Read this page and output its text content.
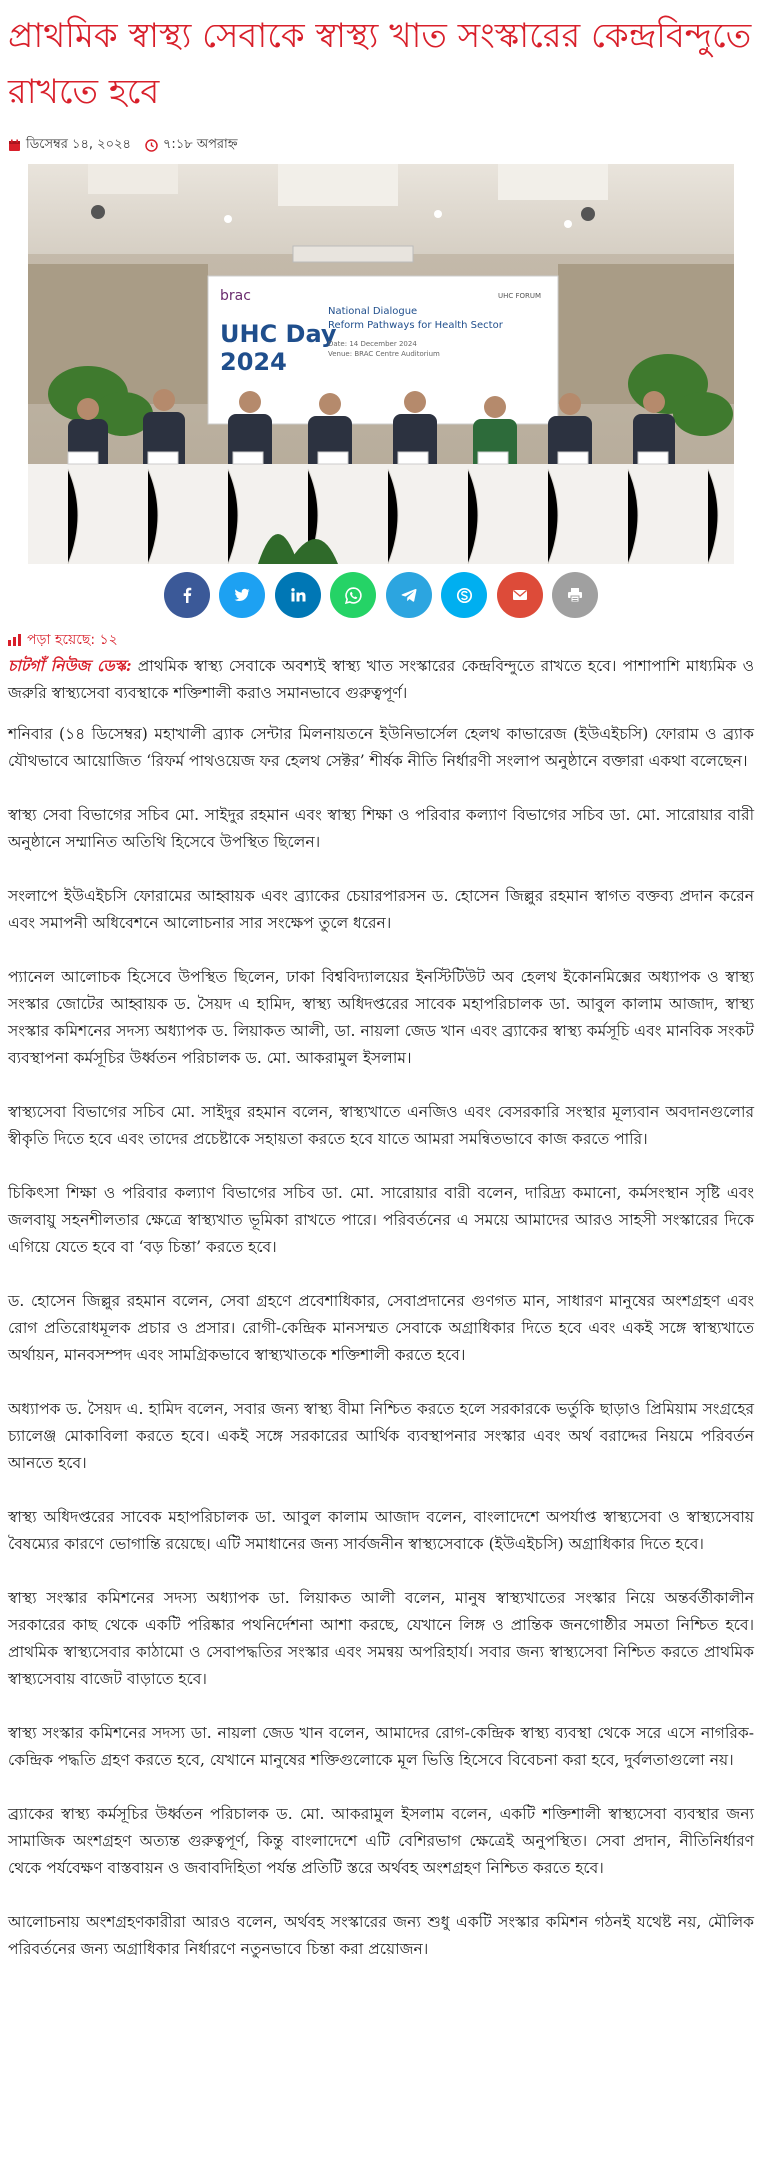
প্রাথমিক স্বাস্থ্য সেবাকে স্বাস্থ্য খাত সংস্কারের কেন্দ্রবিন্দুতে রাখতে হবে
ডিসেম্বর ১৪, ২০২৪ ৭:১৮ অপরাহ্ন
brac
UHC Day
2024
National Dialogue
Reform Pathways for Health Sector
Date: 14 December 2024
Venue: BRAC Centre Auditorium
UHC FORUM
পড়া হয়েছে: ১২

চাটগাঁ নিউজ ডেস্ক: প্রাথমিক স্বাস্থ্য সেবাকে অবশ্যই স্বাস্থ্য খাত সংস্কারের কেন্দ্রবিন্দুতে রাখতে হবে। পাশাপাশি মাধ্যমিক ও জরুরি স্বাস্থ্যসেবা ব্যবস্থাকে শক্তিশালী করাও সমানভাবে গুরুত্বপূর্ণ।

শনিবার (১৪ ডিসেম্বর) মহাখালী ব্র্যাক সেন্টার মিলনায়তনে ইউনিভার্সেল হেলথ কাভারেজ (ইউএইচসি) ফোরাম ও ব্র্যাক যৌথভাবে আয়োজিত ‘রিফর্ম পাথওয়েজ ফর হেলথ সেক্টর’ শীর্ষক নীতি নির্ধারণী সংলাপ অনুষ্ঠানে বক্তারা একথা বলেছেন।

স্বাস্থ্য সেবা বিভাগের সচিব মো. সাইদুর রহমান এবং স্বাস্থ্য শিক্ষা ও পরিবার কল্যাণ বিভাগের সচিব ডা. মো. সারোয়ার বারী অনুষ্ঠানে সম্মানিত অতিথি হিসেবে উপস্থিত ছিলেন।

সংলাপে ইউএইচসি ফোরামের আহ্বায়ক এবং ব্র্যাকের চেয়ারপারসন ড. হোসেন জিল্লুর রহমান স্বাগত বক্তব্য প্রদান করেন এবং সমাপনী অধিবেশনে আলোচনার সার সংক্ষেপ তুলে ধরেন।

প্যানেল আলোচক হিসেবে উপস্থিত ছিলেন, ঢাকা বিশ্ববিদ্যালয়ের ইনস্টিটিউট অব হেলথ ইকোনমিক্সের অধ্যাপক ও স্বাস্থ্য সংস্কার জোটের আহ্বায়ক ড. সৈয়দ এ হামিদ, স্বাস্থ্য অধিদপ্তরের সাবেক মহাপরিচালক ডা. আবুল কালাম আজাদ, স্বাস্থ্য সংস্কার কমিশনের সদস্য অধ্যাপক ড. লিয়াকত আলী, ডা. নায়লা জেড খান এবং ব্র্যাকের স্বাস্থ্য কর্মসূচি এবং মানবিক সংকট ব্যবস্থাপনা কর্মসূচির উর্ধ্বতন পরিচালক ড. মো. আকরামুল ইসলাম।

স্বাস্থ্যসেবা বিভাগের সচিব মো. সাইদুর রহমান বলেন, স্বাস্থ্যখাতে এনজিও এবং বেসরকারি সংস্থার মূল্যবান অবদানগুলোর স্বীকৃতি দিতে হবে এবং তাদের প্রচেষ্টাকে সহায়তা করতে হবে যাতে আমরা সমন্বিতভাবে কাজ করতে পারি।

চিকিৎসা শিক্ষা ও পরিবার কল্যাণ বিভাগের সচিব ডা. মো. সারোয়ার বারী বলেন, দারিদ্র্য কমানো, কর্মসংস্থান সৃষ্টি এবং জলবায়ু সহনশীলতার ক্ষেত্রে স্বাস্থ্যখাত ভূমিকা রাখতে পারে। পরিবর্তনের এ সময়ে আমাদের আরও সাহসী সংস্কারের দিকে এগিয়ে যেতে হবে বা ‘বড় চিন্তা’ করতে হবে।

ড. হোসেন জিল্লুর রহমান বলেন, সেবা গ্রহণে প্রবেশাধিকার, সেবাপ্রদানের গুণগত মান, সাধারণ মানুষের অংশগ্রহণ এবং রোগ প্রতিরোধমূলক প্রচার ও প্রসার। রোগী-কেন্দ্রিক মানসম্মত সেবাকে অগ্রাধিকার দিতে হবে এবং একই সঙ্গে স্বাস্থ্যখাতে অর্থায়ন, মানবসম্পদ এবং সামগ্রিকভাবে স্বাস্থ্যখাতকে শক্তিশালী করতে হবে।

অধ্যাপক ড. সৈয়দ এ. হামিদ বলেন, সবার জন্য স্বাস্থ্য বীমা নিশ্চিত করতে হলে সরকারকে ভর্তুকি ছাড়াও প্রিমিয়াম সংগ্রহের চ্যালেঞ্জ মোকাবিলা করতে হবে। একই সঙ্গে সরকারের আর্থিক ব্যবস্থাপনার সংস্কার এবং অর্থ বরাদ্দের নিয়মে পরিবর্তন আনতে হবে।

স্বাস্থ্য অধিদপ্তরের সাবেক মহাপরিচালক ডা. আবুল কালাম আজাদ বলেন, বাংলাদেশে অপর্যাপ্ত স্বাস্থ্যসেবা ও স্বাস্থ্যসেবায় বৈষম্যের কারণে ভোগান্তি রয়েছে। এটি সমাধানের জন্য সার্বজনীন স্বাস্থ্যসেবাকে (ইউএইচসি) অগ্রাধিকার দিতে হবে।

স্বাস্থ্য সংস্কার কমিশনের সদস্য অধ্যাপক ডা. লিয়াকত আলী বলেন, মানুষ স্বাস্থ্যখাতের সংস্কার নিয়ে অন্তর্বর্তীকালীন সরকারের কাছ থেকে একটি পরিষ্কার পথনির্দেশনা আশা করছে, যেখানে লিঙ্গ ও প্রান্তিক জনগোষ্ঠীর সমতা নিশ্চিত হবে। প্রাথমিক স্বাস্থ্যসেবার কাঠামো ও সেবাপদ্ধতির সংস্কার এবং সমন্বয় অপরিহার্য। সবার জন্য স্বাস্থ্যসেবা নিশ্চিত করতে প্রাথমিক স্বাস্থ্যসেবায় বাজেট বাড়াতে হবে।

স্বাস্থ্য সংস্কার কমিশনের সদস্য ডা. নায়লা জেড খান বলেন, আমাদের রোগ-কেন্দ্রিক স্বাস্থ্য ব্যবস্থা থেকে সরে এসে নাগরিক-কেন্দ্রিক পদ্ধতি গ্রহণ করতে হবে, যেখানে মানুষের শক্তিগুলোকে মূল ভিত্তি হিসেবে বিবেচনা করা হবে, দুর্বলতাগুলো নয়।

ব্র্যাকের স্বাস্থ্য কর্মসূচির উর্ধ্বতন পরিচালক ড. মো. আকরামুল ইসলাম বলেন, একটি শক্তিশালী স্বাস্থ্যসেবা ব্যবস্থার জন্য সামাজিক অংশগ্রহণ অত্যন্ত গুরুত্বপূর্ণ, কিন্তু বাংলাদেশে এটি বেশিরভাগ ক্ষেত্রেই অনুপস্থিত। সেবা প্রদান, নীতিনির্ধারণ থেকে পর্যবেক্ষণ বাস্তবায়ন ও জবাবদিহিতা পর্যন্ত প্রতিটি স্তরে অর্থবহ অংশগ্রহণ নিশ্চিত করতে হবে।

আলোচনায় অংশগ্রহণকারীরা আরও বলেন, অর্থবহ সংস্কারের জন্য শুধু একটি সংস্কার কমিশন গঠনই যথেষ্ট নয়, মৌলিক পরিবর্তনের জন্য অগ্রাধিকার নির্ধারণে নতুনভাবে চিন্তা করা প্রয়োজন।
